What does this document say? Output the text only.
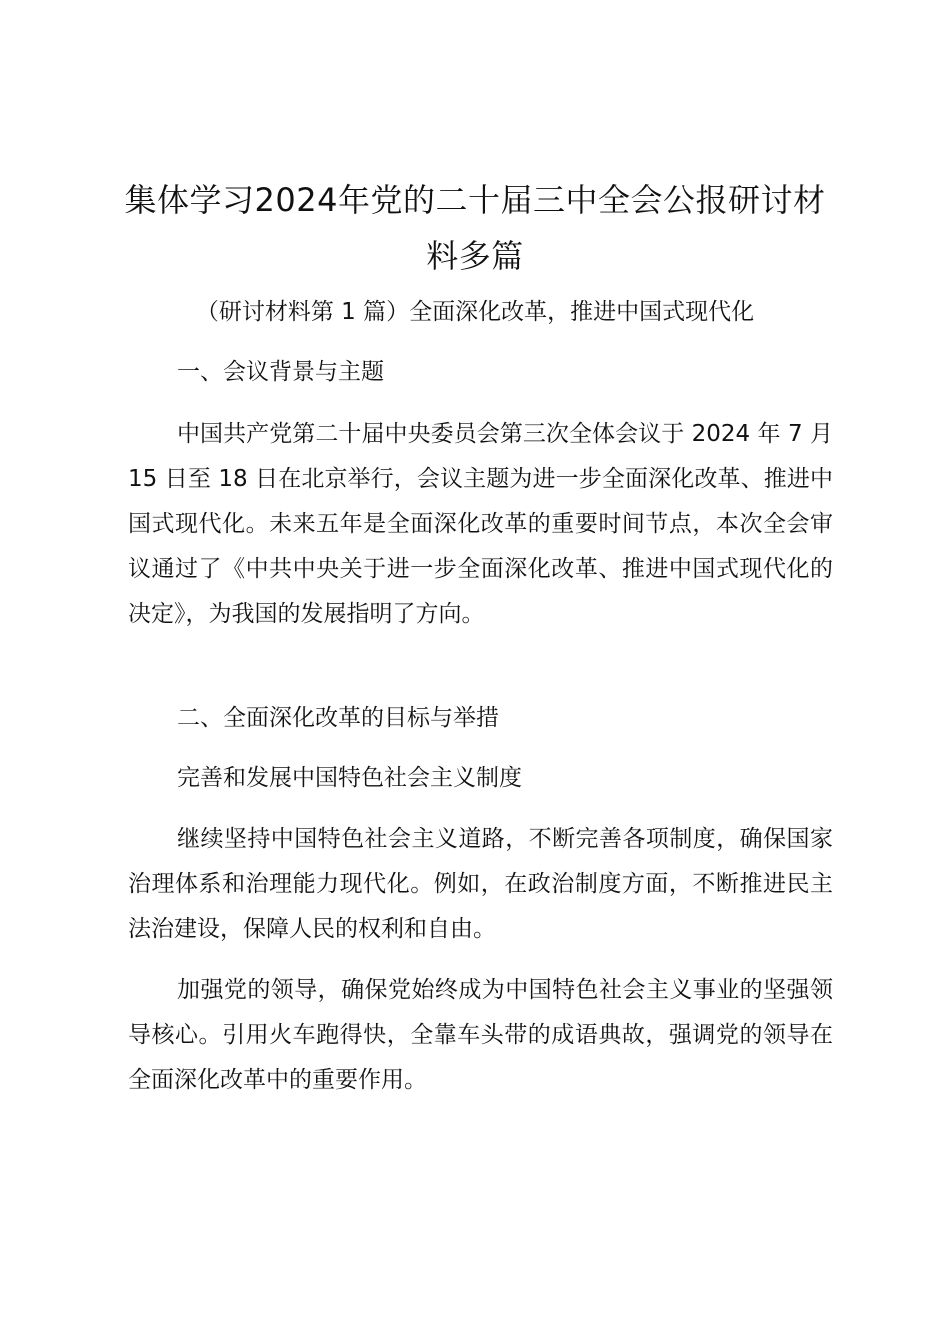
集体学习2024年党的二十届三中全会公报研讨材料多篇

（研讨材料第 1 篇）全面深化改革，推进中国式现代化

一、会议背景与主题

中国共产党第二十届中央委员会第三次全体会议于 2024 年 7 月 15 日至 18 日在北京举行，会议主题为进一步全面深化改革、推进中国式现代化。未来五年是全面深化改革的重要时间节点，本次全会审议通过了《中共中央关于进一步全面深化改革、推进中国式现代化的决定》，为我国的发展指明了方向。

二、全面深化改革的目标与举措

完善和发展中国特色社会主义制度

继续坚持中国特色社会主义道路，不断完善各项制度，确保国家治理体系和治理能力现代化。例如，在政治制度方面，不断推进民主法治建设，保障人民的权利和自由。

加强党的领导，确保党始终成为中国特色社会主义事业的坚强领导核心。引用火车跑得快，全靠车头带的成语典故，强调党的领导在全面深化改革中的重要作用。
